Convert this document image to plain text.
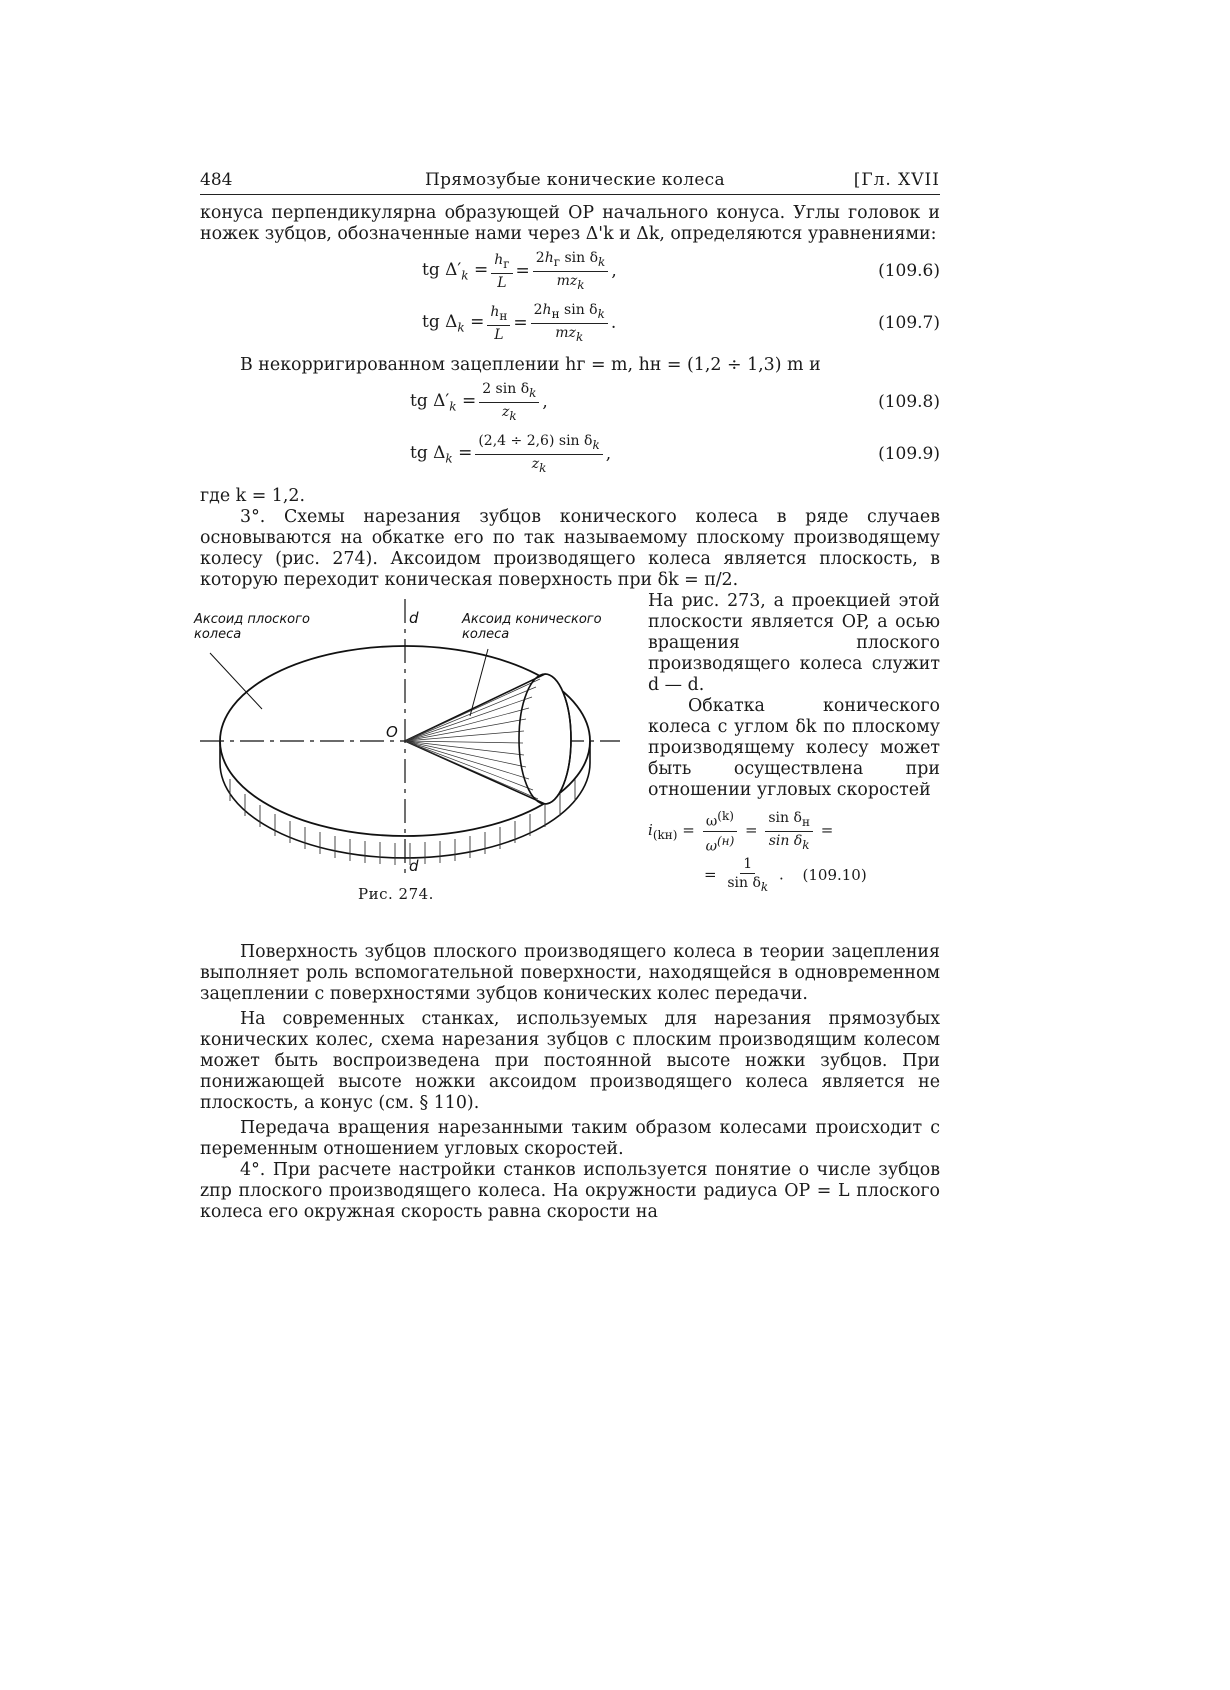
484	Прямозубые конические колеса	[Гл. XVII

конуса перпендикулярна образующей OP начального конуса. Углы головок и ножек зубцов, обозначенные нами через Δ'k и Δk, определяются уравнениями:

tg $\Delta'_k = \frac{h_г}{L} = \frac{2h_г \sin \delta_k}{mz_k}$ ,	(109.6)
tg $\Delta_k = \frac{h_н}{L} = \frac{2h_н \sin \delta_k}{mz_k}$ .	(109.7)

В некорригированном зацеплении hг = m, hн = (1,2 ÷ 1,3) m и

tg $\Delta'_k = \frac{2 \sin \delta_k}{z_k}$ ,	(109.8)
tg $\Delta_k = \frac{(2,4 \div 2,6) \sin \delta_k}{z_k}$ ,	(109.9)

где k = 1,2.

3°. Схемы нарезания зубцов конического колеса в ряде случаев основываются на обкатке его по так называемому плоскому производящему колесу (рис. 274). Аксоидом производящего колеса является плоскость, в которую переходит коническая поверхность при δk = π/2.

Аксоид плоского
колеса
Аксоид конического
колеса
d
d
O
Рис. 274.

На рис. 273, а проекцией этой плоскости является OP, а осью вращения плоского производящего колеса служит d — d.

Обкатка конического колеса с углом δk по плоскому производящему колесу может быть осуществлена при отношении угловых скоростей

$i_{(kн)} = \frac{\omega^{(k)}}{\omega^{(н)}} = \frac{\sin \delta_н}{\sin \delta_k}$ =
= $\frac{1}{\sin \delta_k}$ . (109.10)

Поверхность зубцов плоского производящего колеса в теории зацепления выполняет роль вспомогательной поверхности, находящейся в одновременном зацеплении с поверхностями зубцов конических колес передачи.

На современных станках, используемых для нарезания прямозубых конических колес, схема нарезания зубцов с плоским производящим колесом может быть воспроизведена при постоянной высоте ножки зубцов. При понижающей высоте ножки аксоидом производящего колеса является не плоскость, а конус (см. § 110).

Передача вращения нарезанными таким образом колесами происходит с переменным отношением угловых скоростей.

4°. При расчете настройки станков используется понятие о числе зубцов zпр плоского производящего колеса. На окружности радиуса OP = L плоского колеса его окружная скорость равна скорости на
